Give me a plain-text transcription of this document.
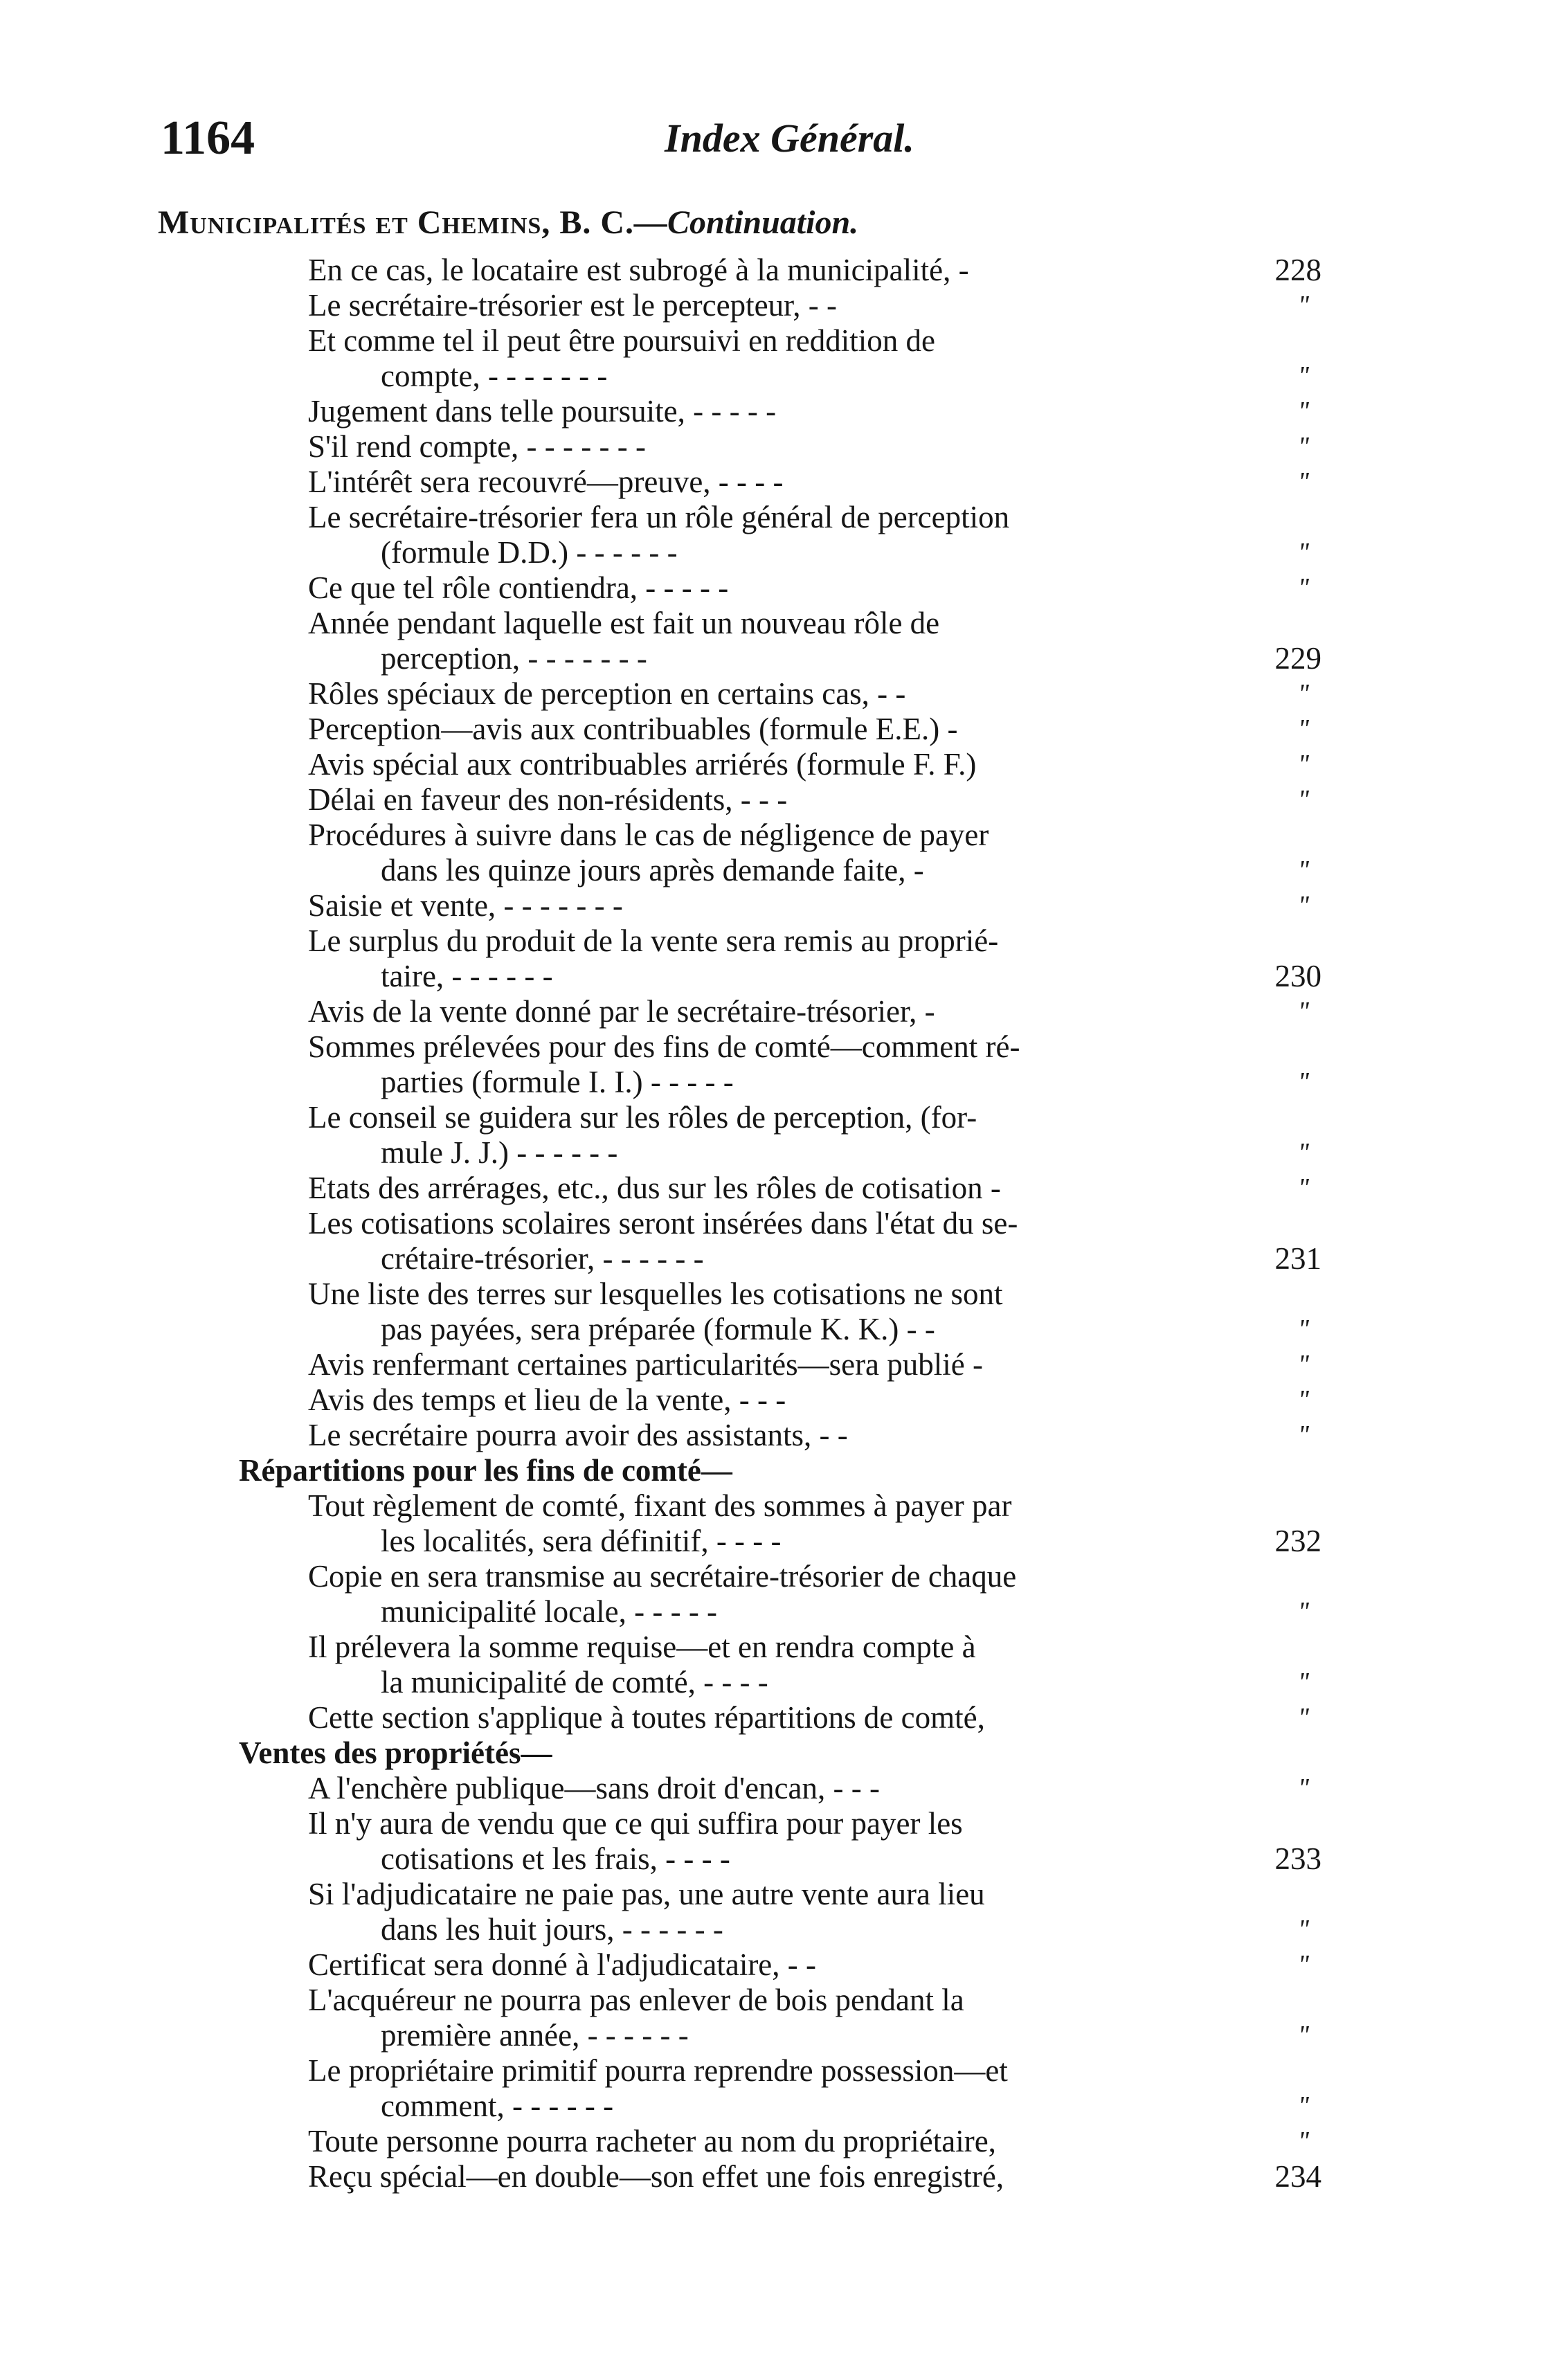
1164	Index Général.
Municipalités et Chemins, B. C.—Continuation.
En ce cas, le locataire est subrogé à la municipalité, -	228
Le secrétaire-trésorier est le percepteur, - -	"
Et comme tel il peut être poursuivi en reddition de
compte, - - - - - - -	"
Jugement dans telle poursuite, - - - - -	"
S'il rend compte, - - - - - - -	"
L'intérêt sera recouvré—preuve, - - - -	"
Le secrétaire-trésorier fera un rôle général de perception
(formule D.D.) - - - - - -	"
Ce que tel rôle contiendra, - - - - -	"
Année pendant laquelle est fait un nouveau rôle de
perception, - - - - - - -	229
Rôles spéciaux de perception en certains cas, - -	"
Perception—avis aux contribuables (formule E.E.) -	"
Avis spécial aux contribuables arriérés (formule F. F.)	"
Délai en faveur des non-résidents, - - -	"
Procédures à suivre dans le cas de négligence de payer
dans les quinze jours après demande faite, -	"
Saisie et vente, - - - - - - -	"
Le surplus du produit de la vente sera remis au proprié-
taire, - - - - - -	230
Avis de la vente donné par le secrétaire-trésorier, -	"
Sommes prélevées pour des fins de comté—comment ré-
parties (formule I. I.) - - - - -	"
Le conseil se guidera sur les rôles de perception, (for-
mule J. J.) - - - - - -	"
Etats des arrérages, etc., dus sur les rôles de cotisation -	"
Les cotisations scolaires seront insérées dans l'état du se-
crétaire-trésorier, - - - - - -	231
Une liste des terres sur lesquelles les cotisations ne sont
pas payées, sera préparée (formule K. K.) - -	"
Avis renfermant certaines particularités—sera publié -	"
Avis des temps et lieu de la vente, - - -	"
Le secrétaire pourra avoir des assistants, - -	"
Répartitions pour les fins de comté—
Tout règlement de comté, fixant des sommes à payer par
les localités, sera définitif, - - - -	232
Copie en sera transmise au secrétaire-trésorier de chaque
municipalité locale, - - - - -	"
Il prélevera la somme requise—et en rendra compte à
la municipalité de comté, - - - -	"
Cette section s'applique à toutes répartitions de comté,	"
Ventes des propriétés—
A l'enchère publique—sans droit d'encan, - - -	"
Il n'y aura de vendu que ce qui suffira pour payer les
cotisations et les frais, - - - -	233
Si l'adjudicataire ne paie pas, une autre vente aura lieu
dans les huit jours, - - - - - -	"
Certificat sera donné à l'adjudicataire, - -	"
L'acquéreur ne pourra pas enlever de bois pendant la
première année, - - - - - -	"
Le propriétaire primitif pourra reprendre possession—et
comment, - - - - - -	"
Toute personne pourra racheter au nom du propriétaire,	"
Reçu spécial—en double—son effet une fois enregistré,	234
